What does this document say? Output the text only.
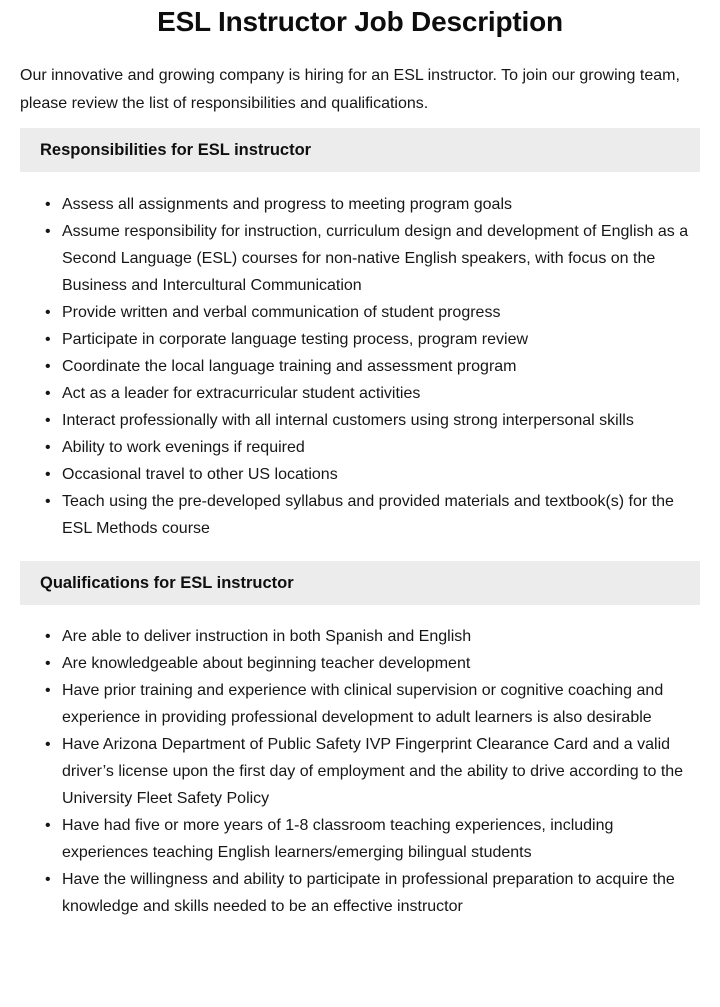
ESL Instructor Job Description

Our innovative and growing company is hiring for an ESL instructor. To join our growing team, please review the list of responsibilities and qualifications.

Responsibilities for ESL instructor
•
Assess all assignments and progress to meeting program goals
•
Assume responsibility for instruction, curriculum design and development of English as a Second Language (ESL) courses for non-native English speakers, with focus on the Business and Intercultural Communication
•
Provide written and verbal communication of student progress
•
Participate in corporate language testing process, program review
•
Coordinate the local language training and assessment program
•
Act as a leader for extracurricular student activities
•
Interact professionally with all internal customers using strong interpersonal skills
•
Ability to work evenings if required
•
Occasional travel to other US locations
•
Teach using the pre-developed syllabus and provided materials and textbook(s) for the ESL Methods course
Qualifications for ESL instructor
•
Are able to deliver instruction in both Spanish and English
•
Are knowledgeable about beginning teacher development
•
Have prior training and experience with clinical supervision or cognitive coaching and experience in providing professional development to adult learners is also desirable
•
Have Arizona Department of Public Safety IVP Fingerprint Clearance Card and a valid driver’s license upon the first day of employment and the ability to drive according to the University Fleet Safety Policy
•
Have had five or more years of 1-8 classroom teaching experiences, including experiences teaching English learners/emerging bilingual students
•
Have the willingness and ability to participate in professional preparation to acquire the knowledge and skills needed to be an effective instructor
